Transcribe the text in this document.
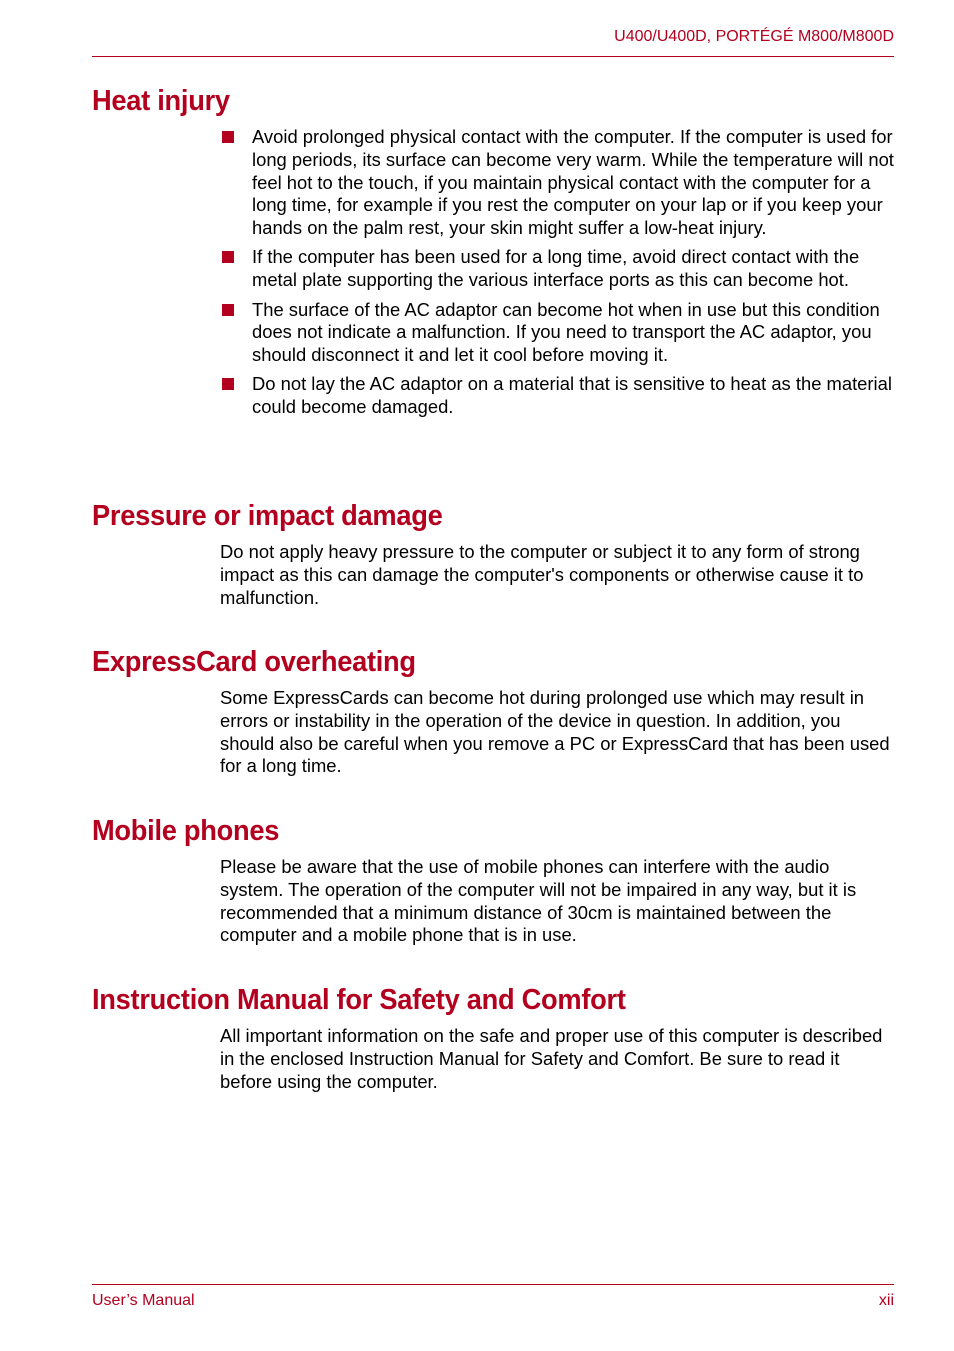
U400/U400D, PORTÉGÉ M800/M800D
Heat injury
Avoid prolonged physical contact with the computer. If the computer is used for long periods, its surface can become very warm. While the temperature will not feel hot to the touch, if you maintain physical contact with the computer for a long time, for example if you rest the computer on your lap or if you keep your hands on the palm rest, your skin might suffer a low-heat injury.
If the computer has been used for a long time, avoid direct contact with the metal plate supporting the various interface ports as this can become hot.
The surface of the AC adaptor can become hot when in use but this condition does not indicate a malfunction. If you need to transport the AC adaptor, you should disconnect it and let it cool before moving it.
Do not lay the AC adaptor on a material that is sensitive to heat as the material could become damaged.
Pressure or impact damage

Do not apply heavy pressure to the computer or subject it to any form of strong impact as this can damage the computer's components or otherwise cause it to malfunction.

ExpressCard overheating

Some ExpressCards can become hot during prolonged use which may result in errors or instability in the operation of the device in question. In addition, you should also be careful when you remove a PC or ExpressCard that has been used for a long time.

Mobile phones

Please be aware that the use of mobile phones can interfere with the audio system. The operation of the computer will not be impaired in any way, but it is recommended that a minimum distance of 30cm is maintained between the computer and a mobile phone that is in use.

Instruction Manual for Safety and Comfort

All important information on the safe and proper use of this computer is described in the enclosed Instruction Manual for Safety and Comfort. Be sure to read it before using the computer.

User’s Manual	xii
